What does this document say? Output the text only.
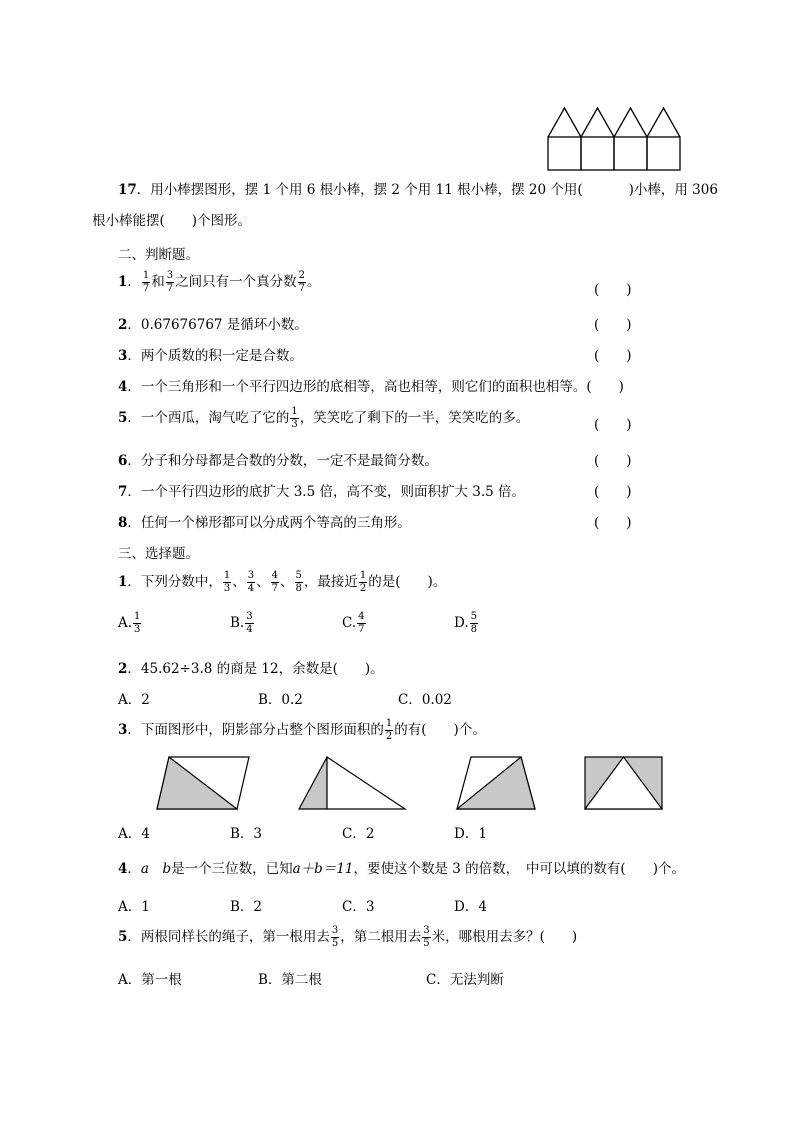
17．用小棒摆图形，摆 1 个用 6 根小棒，摆 2 个用 11 根小棒，摆 20 个用(	)小棒，用 306
根小棒能摆(　　)个图形。
二、判断题。
1． $\frac{1}{7}$ 和 $\frac{3}{7}$ 之间只有一个真分数 $\frac{2}{7}$ 。	(　　)
2．0.67676767 是循环小数。	(　　)
3．两个质数的积一定是合数。	(　　)
4．一个三角形和一个平行四边形的底相等，高也相等，则它们的面积也相等。(　　)
5．一个西瓜，淘气吃了它的 $\frac{1}{3}$ ，笑笑吃了剩下的一半，笑笑吃的多。	(　　)
6．分子和分母都是合数的分数，一定不是最简分数。	(　　)
7．一个平行四边形的底扩大 3.5 倍，高不变，则面积扩大 3.5 倍。	(　　)
8．任何一个梯形都可以分成两个等高的三角形。	(　　)
三、选择题。
1．下列分数中， $\frac{1}{3}$ 、 $\frac{3}{4}$ 、 $\frac{4}{7}$ 、 $\frac{5}{8}$ ，最接近 $\frac{1}{2}$ 的是(　　)。
A. $\frac{1}{3}$	B. $\frac{3}{4}$	C. $\frac{4}{7}$	D. $\frac{5}{8}$
2．45.62÷3.8 的商是 12，余数是(　　)。
A．2	B．0.2	C．0.02
3．下面图形中，阴影部分占整个图形面积的 $\frac{1}{2}$ 的有(　　)个。
A．4	B．3	C．2	D．1
4．a　 b是一个三位数，已知a＋b＝11，要使这个数是 3 的倍数，　中可以填的数有(　　)个。
A．1	B．2	C．3	D．4
5．两根同样长的绳子，第一根用去 $\frac{3}{5}$ ，第二根用去 $\frac{3}{5}$ 米，哪根用去多？(　　)
A．第一根	B．第二根	C．无法判断
